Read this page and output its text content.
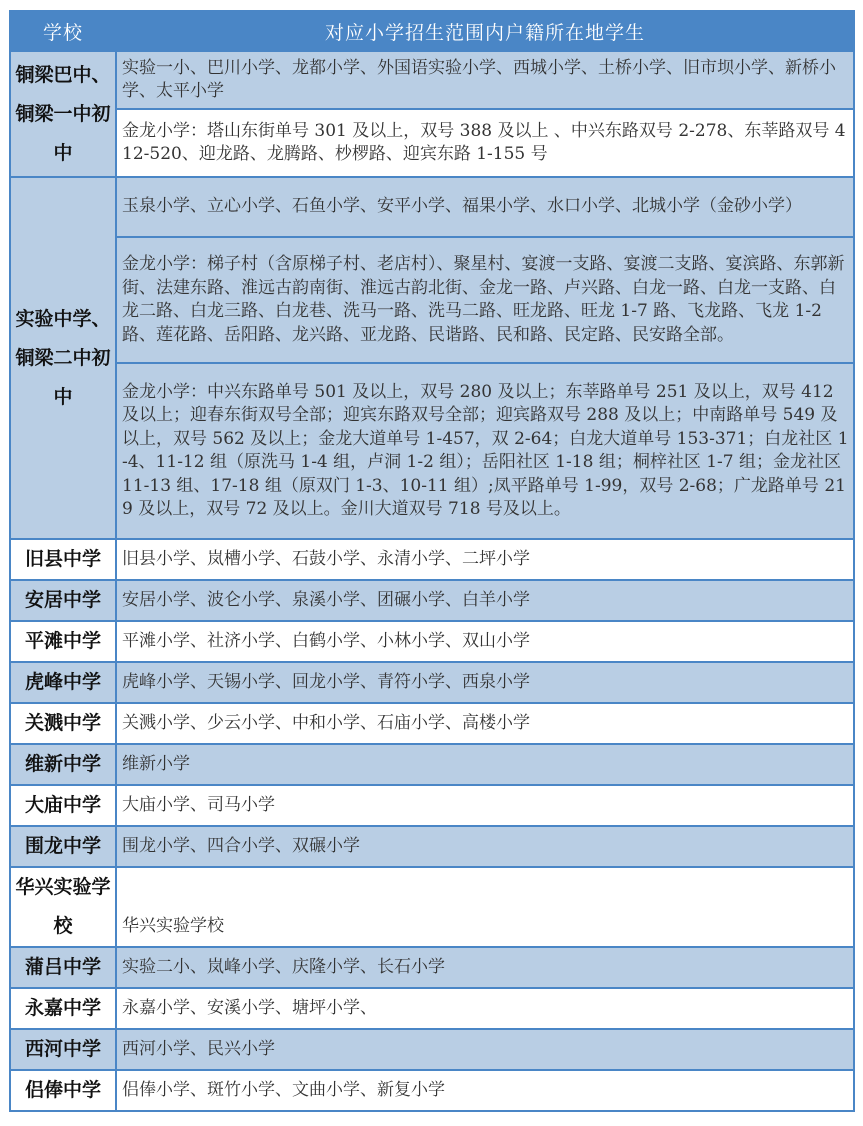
学校	对应小学招生范围内户籍所在地学生
铜梁巴中、铜梁一中初中	实验一小、巴川小学、龙都小学、外国语实验小学、西城小学、土桥小学、旧市坝小学、新桥小学、太平小学
	金龙小学：塔山东街单号 301 及以上，双号 388 及以上 、中兴东路双号 2-278、东莘路双号 412-520、迎龙路、龙腾路、杪椤路、迎宾东路 1-155 号
实验中学、铜梁二中初中	玉泉小学、立心小学、石鱼小学、安平小学、福果小学、水口小学、北城小学（金砂小学）
	金龙小学：梯子村（含原梯子村、老店村）、聚星村、宴渡一支路、宴渡二支路、宴滨路、东郭新街、法建东路、淮远古韵南街、淮远古韵北街、金龙一路、卢兴路、白龙一路、白龙一支路、白龙二路、白龙三路、白龙巷、洗马一路、洗马二路、旺龙路、旺龙 1-7 路、飞龙路、飞龙 1-2 路、莲花路、岳阳路、龙兴路、亚龙路、民谐路、民和路、民定路、民安路全部。
	金龙小学：中兴东路单号 501 及以上，双号 280 及以上；东莘路单号 251 及以上，双号 412 及以上；迎春东街双号全部；迎宾东路双号全部；迎宾路双号 288 及以上；中南路单号 549 及以上，双号 562 及以上；金龙大道单号 1-457，双 2-64；白龙大道单号 153-371；白龙社区 1-4、11-12 组（原洗马 1-4 组，卢洞 1-2 组）；岳阳社区 1-18 组；桐梓社区 1-7 组；金龙社区 11-13 组、17-18 组（原双门 1-3、10-11 组）;凤平路单号 1-99，双号 2-68；广龙路单号 219 及以上，双号 72 及以上。金川大道双号 718 号及以上。
旧县中学	旧县小学、岚槽小学、石鼓小学、永清小学、二坪小学
安居中学	安居小学、波仑小学、泉溪小学、团碾小学、白羊小学
平滩中学	平滩小学、社济小学、白鹤小学、小林小学、双山小学
虎峰中学	虎峰小学、天锡小学、回龙小学、青符小学、西泉小学
关溅中学	关溅小学、少云小学、中和小学、石庙小学、高楼小学
维新中学	维新小学
大庙中学	大庙小学、司马小学
围龙中学	围龙小学、四合小学、双碾小学
华兴实验学校	华兴实验学校
蒲吕中学	实验二小、岚峰小学、庆隆小学、长石小学
永嘉中学	永嘉小学、安溪小学、塘坪小学、
西河中学	西河小学、民兴小学
侣俸中学	侣俸小学、斑竹小学、文曲小学、新复小学
